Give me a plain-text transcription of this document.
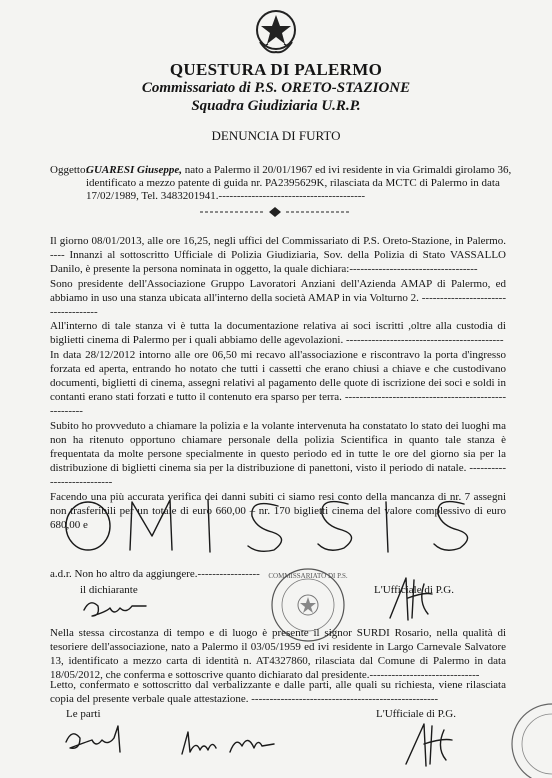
QUESTURA DI PALERMO
Commissariato di P.S. ORETO-STAZIONE
Squadra Giudiziaria U.R.P.
DENUNCIA DI FURTO
Oggetto:
GUARESI Giuseppe, nato a Palermo il 20/01/1967 ed ivi residente in via Grimaldi girolamo 36, identificato a mezzo patente di guida nr. PA2395629K, rilasciata da MCTC di Palermo in data 17/02/1989, Tel. 3483201941.----------------------------------------

Il giorno 08/01/2013, alle ore 16,25, negli uffici del Commissariato di P.S. Oreto-Stazione, in Palermo. ---- Innanzi al sottoscritto Ufficiale di Polizia Giudiziaria, Sov. della Polizia di Stato VASSALLO Danilo, è presente la persona nominata in oggetto, la quale dichiara:-----------------------------------

Sono presidente dell'Associazione Gruppo Lavoratori Anziani dell'Azienda AMAP di Palermo, ed abbiamo in uso una stanza ubicata all'interno della società AMAP in via Volturno 2. ------------------------------------

All'interno di tale stanza vi è tutta la documentazione relativa ai soci iscritti ,oltre alla custodia di biglietti cinema di Palermo per i quali abbiamo delle agevolazioni. -------------------------------------------

In data 28/12/2012 intorno alle ore 06,50 mi recavo all'associazione e riscontravo la porta d'ingresso forzata ed aperta, entrando ho notato che tutti i cassetti che erano chiusi a chiave e che custodivano documenti, biglietti di cinema, assegni relativi al pagamento delle quote di iscrizione dei soci e soldi in contanti erano stati forzati e tutto il contenuto era sparso per terra. -----------------------------------------------------

Subito ho provveduto a chiamare la polizia e la volante intervenuta ha constatato lo stato dei luoghi ma non ha ritenuto opportuno chiamare personale della polizia Scientifica in quanto tale stanza è frequentata da molte persone specialmente in questo periodo ed in tutte le ore del giorno sia per la distribuzione di biglietti cinema sia per la distribuzione di panettoni, visto il periodo di natale. ---------------------------

Facendo una più accurata verifica dei danni subiti ci siamo resi conto della mancanza di nr. 7 assegni non trasferibili per un totale di euro 660,00 – nr. 170 biglietti cinema del valore complessivo di euro 680,00 e

a.d.r. Non ho altro da aggiungere.-----------------
il dichiarante	L'Ufficiale di P.G.
COMMISSARIATO DI P.S.
Nella stessa circostanza di tempo e di luogo è presente il signor SURDI Rosario, nella qualità di tesoriere dell'associazione, nato a Palermo il 03/05/1959 ed ivi residente in Largo Carnevale Salvatore 13, identificato a mezzo carta di identità n. AT4327860, rilasciata dal Comune di Palermo in data 18/05/2012, che conferma e sottoscrive quanto dichiarato dal presidente.------------------------------
Letto, confermato e sottoscritto dal verbalizzante e dalle parti, alle quali su richiesta, viene rilasciata copia del presente verbale quale attestazione. ---------------------------------------------------
Le parti	L'Ufficiale di P.G.
